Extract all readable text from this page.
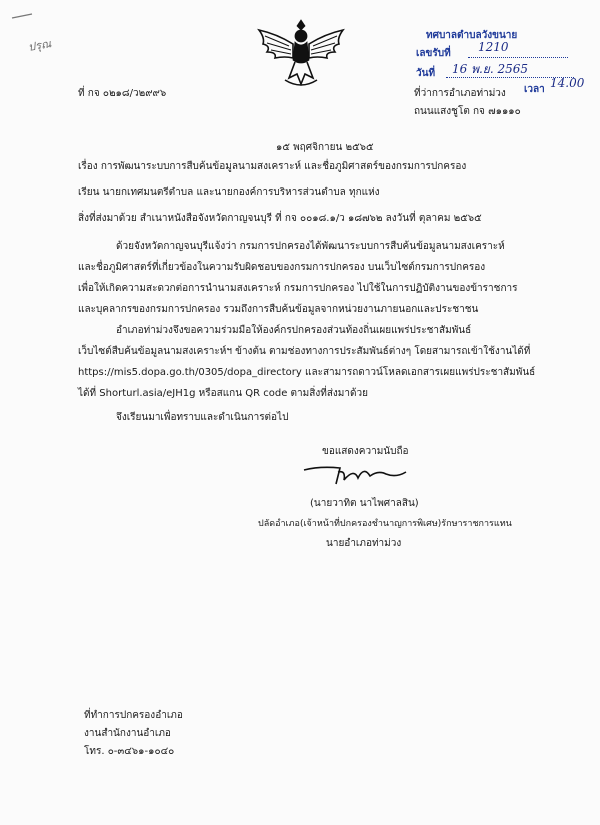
ปรุณ
ที่ กจ ๐๒๑๘/ว๒๙๙๖
ทศบาลตำบลวังขนาย
เลขรับที่ 1210
วันที่ 16 พ.ย. 2565
เวลา 14.00
ที่ว่าการอำเภอท่าม่วง
ถนนแสงชูโต กจ ๗๑๑๑๐
๑๕ พฤศจิกายน ๒๕๖๕
เรื่อง การพัฒนาระบบการสืบค้นข้อมูลนามสงเคราะห์ และชื่อภูมิศาสตร์ของกรมการปกครอง
เรียน นายกเทศมนตรีตำบล และนายกองค์การบริหารส่วนตำบล ทุกแห่ง
สิ่งที่ส่งมาด้วย สำเนาหนังสือจังหวัดกาญจนบุรี ที่ กจ ๐๐๑๘.๑/ว ๑๘๗๖๒ ลงวันที่ ตุลาคม ๒๕๖๕
ด้วยจังหวัดกาญจนบุรีแจ้งว่า กรมการปกครองได้พัฒนาระบบการสืบค้นข้อมูลนามสงเคราะห์
และชื่อภูมิศาสตร์ที่เกี่ยวข้องในความรับผิดชอบของกรมการปกครอง บนเว็บไซต์กรมการปกครอง
เพื่อให้เกิดความสะดวกต่อการนำนามสงเคราะห์ กรมการปกครอง ไปใช้ในการปฏิบัติงานของข้าราชการ
และบุคลากรของกรมการปกครอง รวมถึงการสืบค้นข้อมูลจากหน่วยงานภายนอกและประชาชน
อำเภอท่าม่วงจึงขอความร่วมมือให้องค์กรปกครองส่วนท้องถิ่นเผยแพร่ประชาสัมพันธ์
เว็บไซต์สืบค้นข้อมูลนามสงเคราะห์ฯ ข้างต้น ตามช่องทางการประสัมพันธ์ต่างๆ โดยสามารถเข้าใช้งานได้ที่
https://mis5.dopa.go.th/0305/dopa_directory และสามารถดาวน์โหลดเอกสารเผยแพร่ประชาสัมพันธ์
ได้ที่ Shorturl.asia/eJH1g หรือสแกน QR code ตามสิ่งที่ส่งมาด้วย
จึงเรียนมาเพื่อทราบและดำเนินการต่อไป
ขอแสดงความนับถือ
(นายวาทิต นาไพศาลสิน)
ปลัดอำเภอ(เจ้าหน้าที่ปกครองชำนาญการพิเศษ)รักษาราชการแทน
นายอำเภอท่าม่วง
ที่ทำการปกครองอำเภอ
งานสำนักงานอำเภอ
โทร. ๐-๓๔๖๑-๑๐๔๐
